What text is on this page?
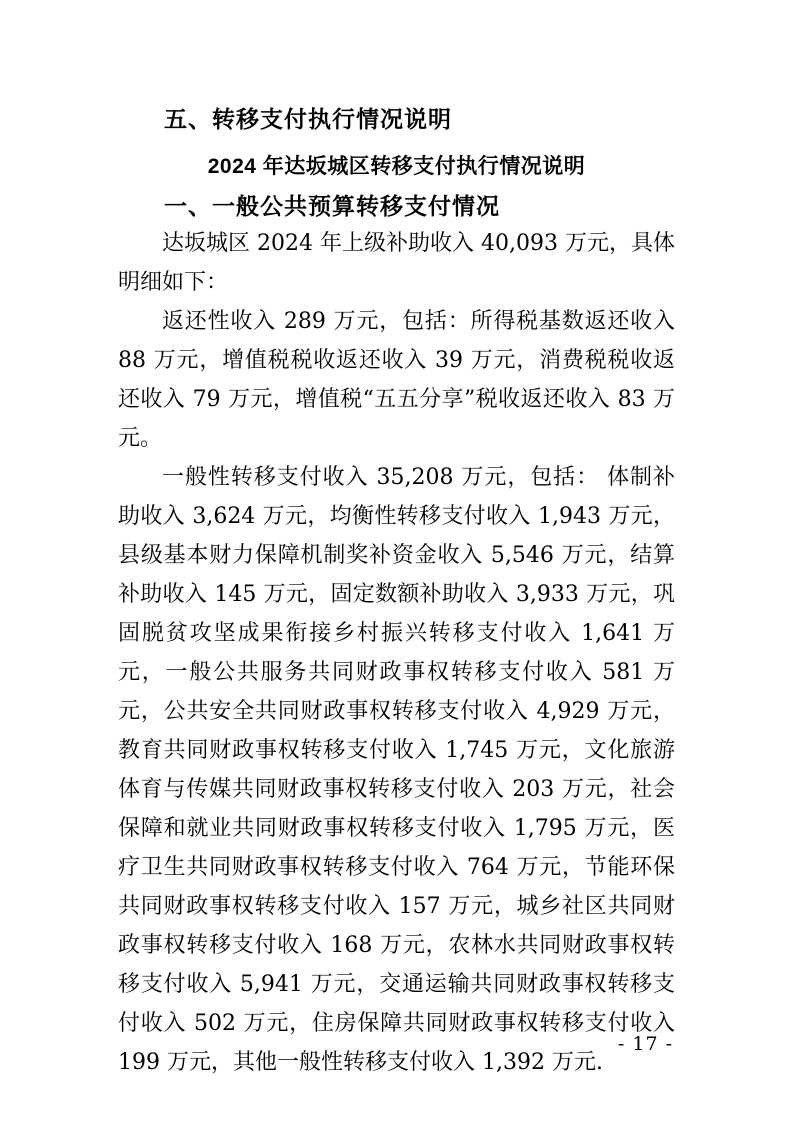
五、转移支付执行情况说明
2024 年达坂城区转移支付执行情况说明
一、一般公共预算转移支付情况

达坂城区 2024 年上级补助收入 40,093 万元，具体明细如下：

返还性收入 289 万元，包括：所得税基数返还收入 88 万元，增值税税收返还收入 39 万元，消费税税收返还收入 79 万元，增值税“五五分享”税收返还收入 83 万元。

一般性转移支付收入 35,208 万元，包括： 体制补助收入 3,624 万元，均衡性转移支付收入 1,943 万元，县级基本财力保障机制奖补资金收入 5,546 万元，结算补助收入 145 万元，固定数额补助收入 3,933 万元，巩固脱贫攻坚成果衔接乡村振兴转移支付收入 1,641 万元，一般公共服务共同财政事权转移支付收入 581 万元，公共安全共同财政事权转移支付收入 4,929 万元，教育共同财政事权转移支付收入 1,745 万元，文化旅游体育与传媒共同财政事权转移支付收入 203 万元，社会保障和就业共同财政事权转移支付收入 1,795 万元，医疗卫生共同财政事权转移支付收入 764 万元，节能环保共同财政事权转移支付收入 157 万元，城乡社区共同财政事权转移支付收入 168 万元，农林水共同财政事权转移支付收入 5,941 万元，交通运输共同财政事权转移支付收入 502 万元，住房保障共同财政事权转移支付收入 199 万元，其他一般性转移支付收入 1,392 万元.

- 17 -
